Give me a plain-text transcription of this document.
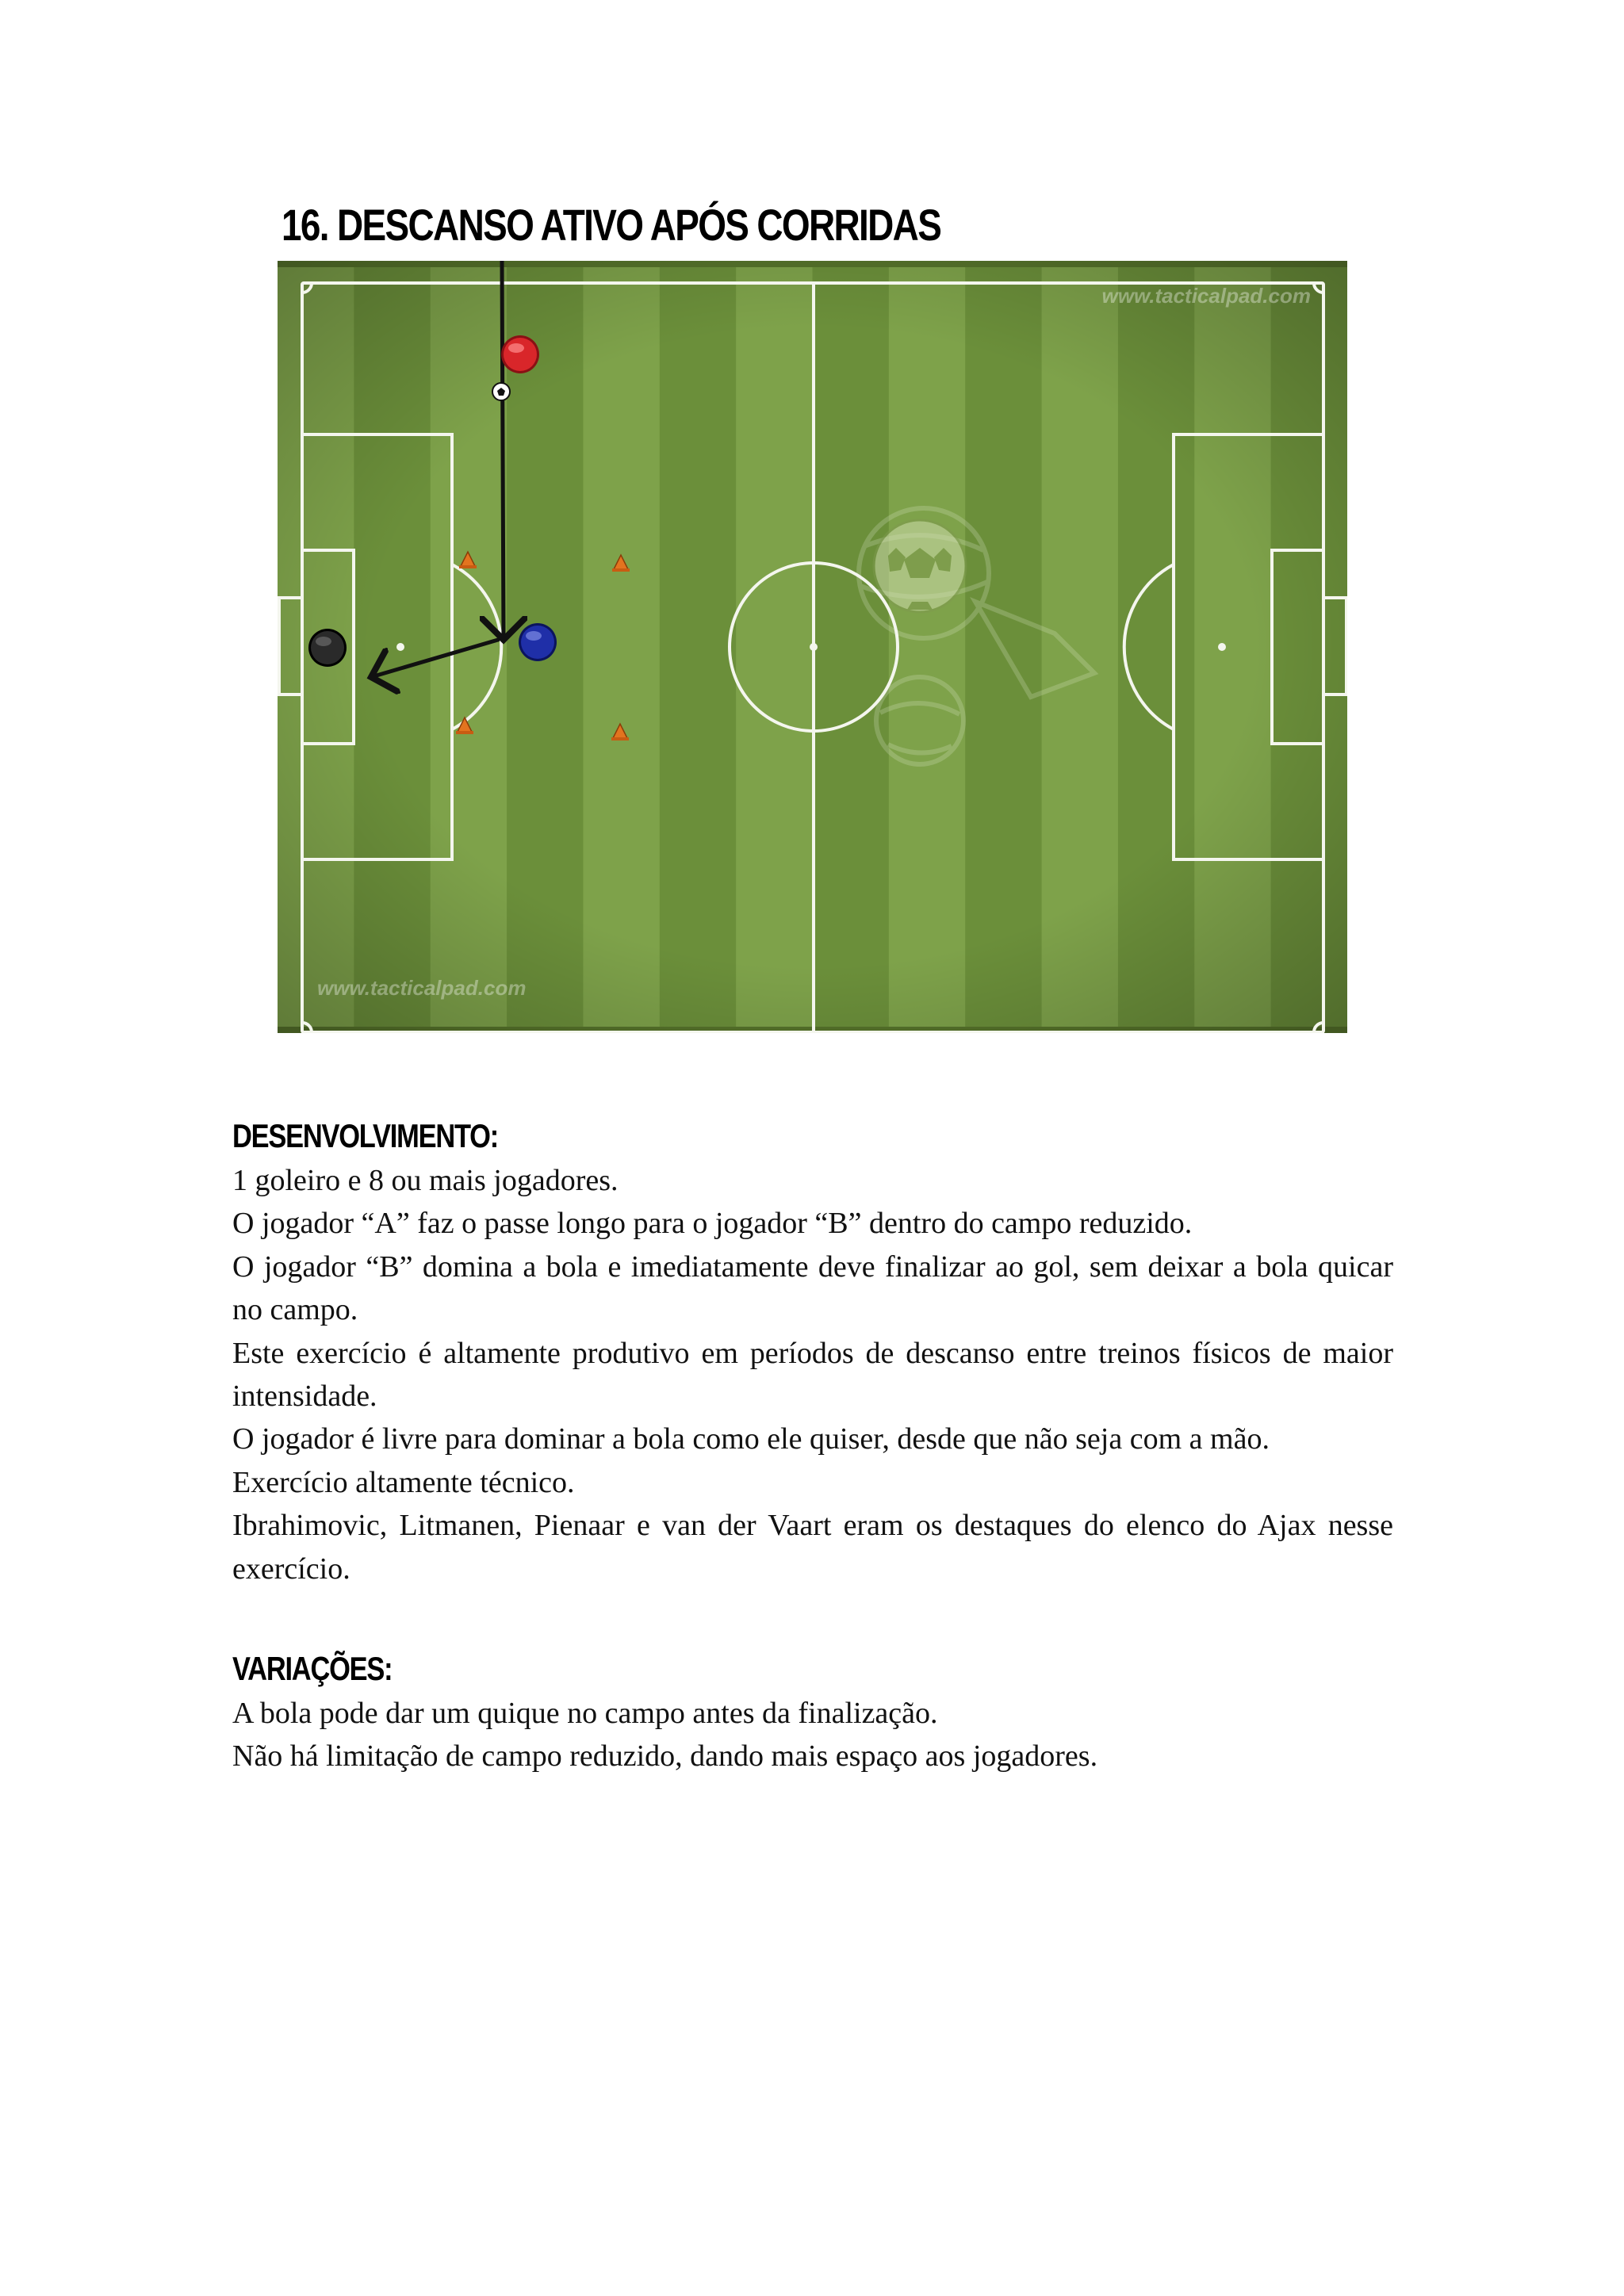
16. DESCANSO ATIVO APÓS CORRIDAS
www.tacticalpad.com
www.tacticalpad.com
DESENVOLVIMENTO:
1 goleiro e 8 ou mais jogadores.
O jogador “A” faz o passe longo para o jogador “B” dentro do campo reduzido.
O jogador “B” domina a bola e imediatamente deve finalizar ao gol, sem deixar a bola quicar no campo.
Este exercício é altamente produtivo em períodos de descanso entre treinos físicos de maior intensidade.
O jogador é livre para dominar a bola como ele quiser, desde que não seja com a mão.
Exercício altamente técnico.
Ibrahimovic, Litmanen, Pienaar e van der Vaart eram os destaques do elenco do Ajax nesse exercício.
VARIAÇÕES:
A bola pode dar um quique no campo antes da finalização.
Não há limitação de campo reduzido, dando mais espaço aos jogadores.
